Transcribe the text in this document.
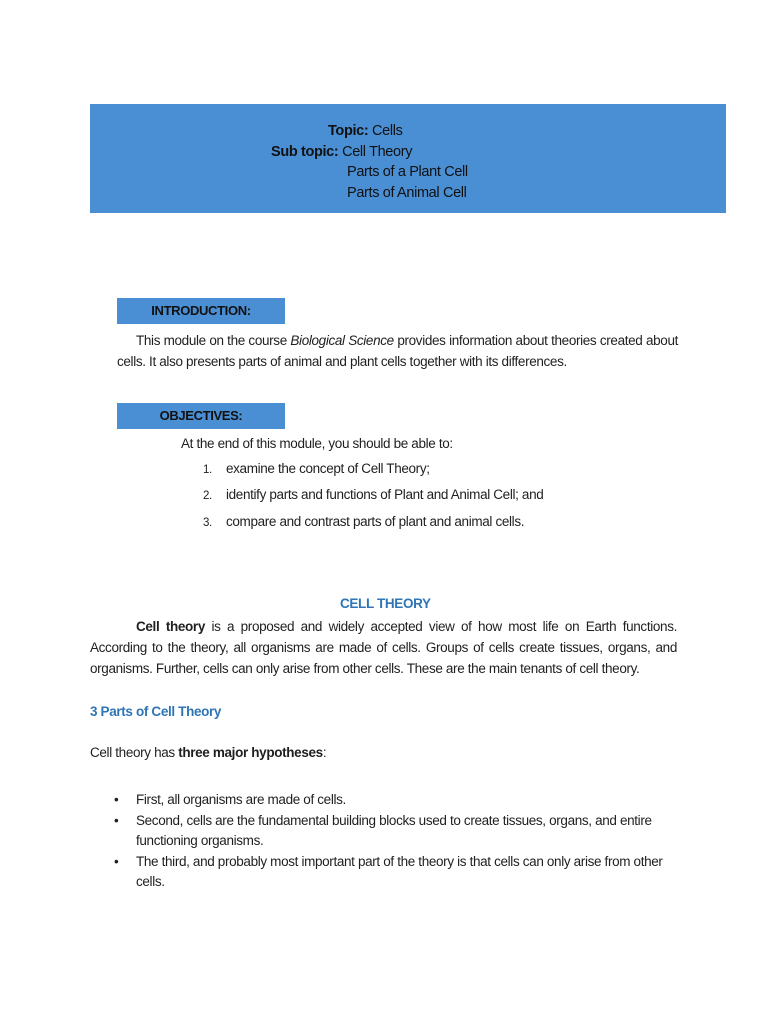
Topic: Cells
Sub topic: Cell Theory
Parts of a Plant Cell
Parts of Animal Cell
INTRODUCTION:
This module on the course Biological Science provides information about theories created about cells. It also presents parts of animal and plant cells together with its differences.
OBJECTIVES:
At the end of this module, you should be able to:
1. examine the concept of Cell Theory;
2. identify parts and functions of Plant and Animal Cell; and
3. compare and contrast parts of plant and animal cells.
CELL THEORY
Cell theory is a proposed and widely accepted view of how most life on Earth functions. According to the theory, all organisms are made of cells. Groups of cells create tissues, organs, and organisms. Further, cells can only arise from other cells. These are the main tenants of cell theory.
3 Parts of Cell Theory
Cell theory has three major hypotheses:
• First, all organisms are made of cells.
• Second, cells are the fundamental building blocks used to create tissues, organs, and entire functioning organisms.
• The third, and probably most important part of the theory is that cells can only arise from other cells.
